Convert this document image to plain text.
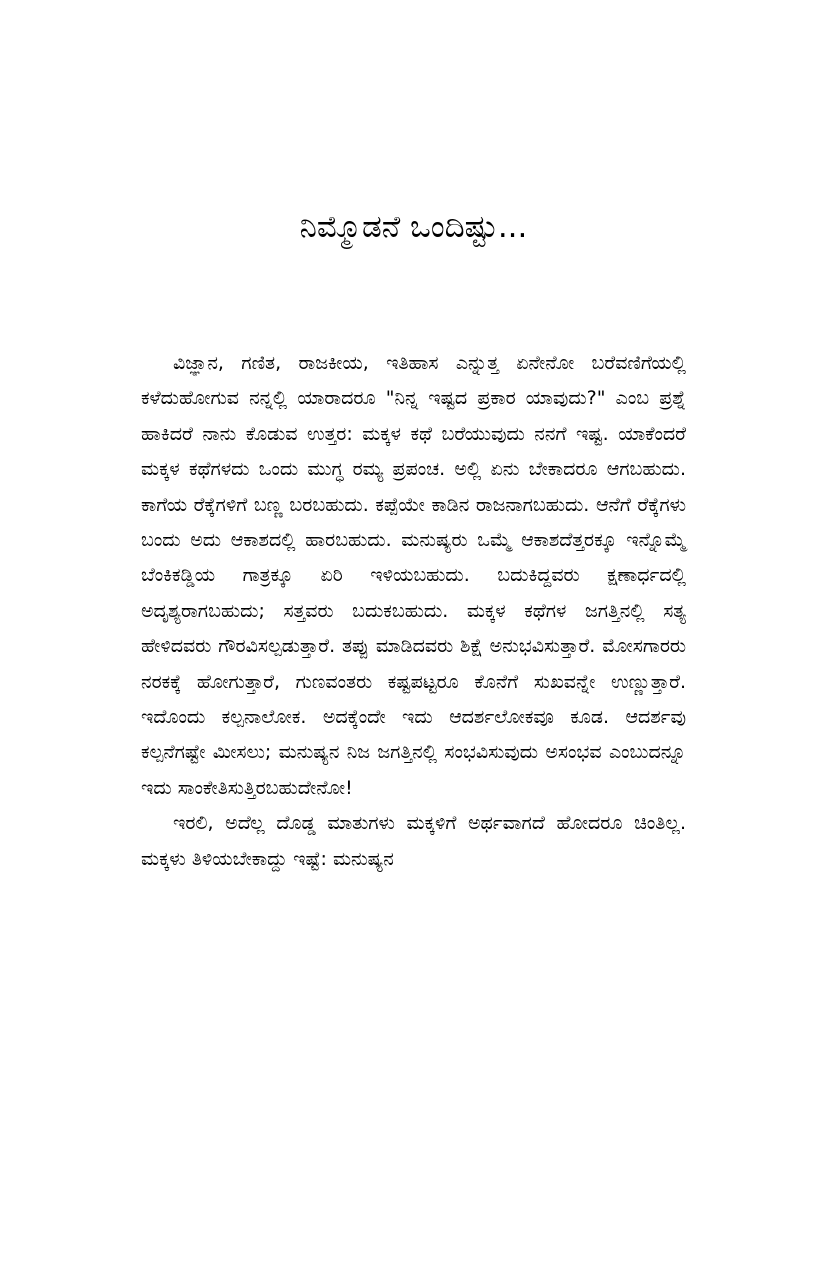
ನಿಮ್ಮೊಡನೆ ಒಂದಿಷ್ಟು...

ವಿಜ್ಞಾನ, ಗಣಿತ, ರಾಜಕೀಯ, ಇತಿಹಾಸ ಎನ್ನುತ್ತ ಏನೇನೋ ಬರೆವಣಿಗೆಯಲ್ಲಿ ಕಳೆದುಹೋಗುವ ನನ್ನಲ್ಲಿ ಯಾರಾದರೂ "ನಿನ್ನ ಇಷ್ಟದ ಪ್ರಕಾರ ಯಾವುದು?" ಎಂಬ ಪ್ರಶ್ನೆ ಹಾಕಿದರೆ ನಾನು ಕೊಡುವ ಉತ್ತರ: ಮಕ್ಕಳ ಕಥೆ ಬರೆಯುವುದು ನನಗೆ ಇಷ್ಟ. ಯಾಕೆಂದರೆ ಮಕ್ಕಳ ಕಥೆಗಳದು ಒಂದು ಮುಗ್ಧ ರಮ್ಯ ಪ್ರಪಂಚ. ಅಲ್ಲಿ ಏನು ಬೇಕಾದರೂ ಆಗಬಹುದು. ಕಾಗೆಯ ರೆಕ್ಕೆಗಳಿಗೆ ಬಣ್ಣ ಬರಬಹುದು. ಕಪ್ಪೆಯೇ ಕಾಡಿನ ರಾಜನಾಗಬಹುದು. ಆನೆಗೆ ರೆಕ್ಕೆಗಳು ಬಂದು ಅದು ಆಕಾಶದಲ್ಲಿ ಹಾರಬಹುದು. ಮನುಷ್ಯರು ಒಮ್ಮೆ ಆಕಾಶದೆತ್ತರಕ್ಕೂ ಇನ್ನೊಮ್ಮೆ ಬೆಂಕಿಕಡ್ಡಿಯ ಗಾತ್ರಕ್ಕೂ ಏರಿ ಇಳಿಯಬಹುದು. ಬದುಕಿದ್ದವರು ಕ್ಷಣಾರ್ಧದಲ್ಲಿ ಅದೃಶ್ಯರಾಗಬಹುದು; ಸತ್ತವರು ಬದುಕಬಹುದು. ಮಕ್ಕಳ ಕಥೆಗಳ ಜಗತ್ತಿನಲ್ಲಿ ಸತ್ಯ ಹೇಳಿದವರು ಗೌರವಿಸಲ್ಪಡುತ್ತಾರೆ. ತಪ್ಪು ಮಾಡಿದವರು ಶಿಕ್ಷೆ ಅನುಭವಿಸುತ್ತಾರೆ. ಮೋಸಗಾರರು ನರಕಕ್ಕೆ ಹೋಗುತ್ತಾರೆ, ಗುಣವಂತರು ಕಷ್ಟಪಟ್ಟರೂ ಕೊನೆಗೆ ಸುಖವನ್ನೇ ಉಣ್ಣುತ್ತಾರೆ. ಇದೊಂದು ಕಲ್ಪನಾಲೋಕ. ಅದಕ್ಕೆಂದೇ ಇದು ಆದರ್ಶಲೋಕವೂ ಕೂಡ. ಆದರ್ಶವು ಕಲ್ಪನೆಗಷ್ಟೇ ಮೀಸಲು; ಮನುಷ್ಯನ ನಿಜ ಜಗತ್ತಿನಲ್ಲಿ ಸಂಭವಿಸುವುದು ಅಸಂಭವ ಎಂಬುದನ್ನೂ ಇದು ಸಾಂಕೇತಿಸುತ್ತಿರಬಹುದೇನೋ!

ಇರಲಿ, ಅದೆಲ್ಲ ದೊಡ್ಡ ಮಾತುಗಳು ಮಕ್ಕಳಿಗೆ ಅರ್ಥವಾಗದೆ ಹೋದರೂ ಚಿಂತಿಲ್ಲ. ಮಕ್ಕಳು ತಿಳಿಯಬೇಕಾದ್ದು ಇಷ್ಟೆ: ಮನುಷ್ಯನ
